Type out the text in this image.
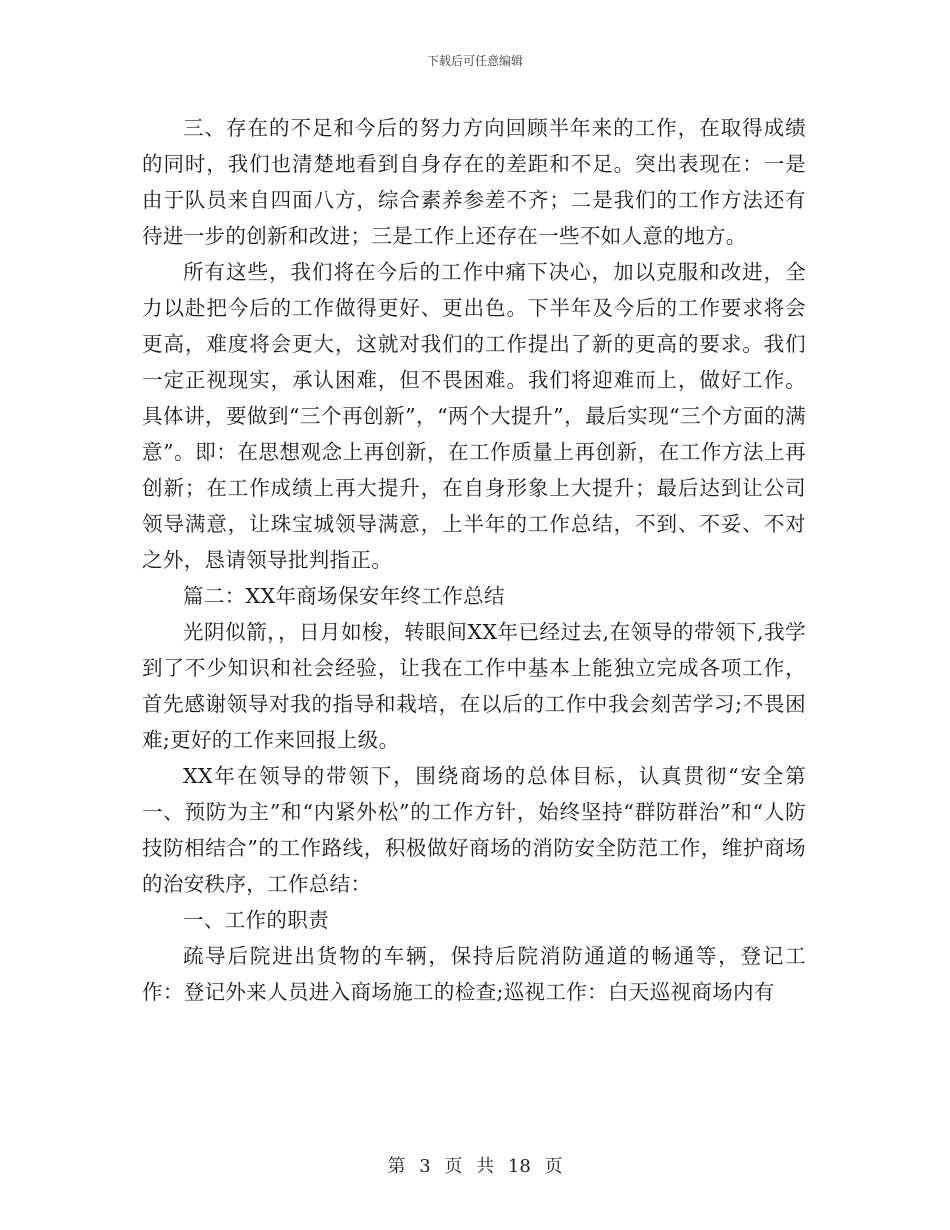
下载后可任意编辑

三、存在的不足和今后的努力方向回顾半年来的工作，在取得成绩的同时，我们也清楚地看到自身存在的差距和不足。突出表现在：一是由于队员来自四面八方，综合素养参差不齐；二是我们的工作方法还有待进一步的创新和改进；三是工作上还存在一些不如人意的地方。

所有这些，我们将在今后的工作中痛下决心，加以克服和改进，全力以赴把今后的工作做得更好、更出色。下半年及今后的工作要求将会更高，难度将会更大，这就对我们的工作提出了新的更高的要求。我们一定正视现实，承认困难，但不畏困难。我们将迎难而上，做好工作。具体讲，要做到“三个再创新”，“两个大提升”，最后实现“三个方面的满意”。即：在思想观念上再创新，在工作质量上再创新，在工作方法上再创新；在工作成绩上再大提升，在自身形象上大提升；最后达到让公司领导满意，让珠宝城领导满意，上半年的工作总结，不到、不妥、不对之外，恳请领导批判指正。

篇二：XX年商场保安年终工作总结

光阴似箭，，日月如梭，转眼间XX年已经过去,在领导的带领下,我学到了不少知识和社会经验，让我在工作中基本上能独立完成各项工作，首先感谢领导对我的指导和栽培，在以后的工作中我会刻苦学习;不畏困难;更好的工作来回报上级。

XX年在领导的带领下，围绕商场的总体目标，认真贯彻“安全第一、预防为主”和“内紧外松”的工作方针，始终坚持“群防群治”和“人防技防相结合”的工作路线，积极做好商场的消防安全防范工作，维护商场的治安秩序，工作总结：

一、工作的职责

疏导后院进出货物的车辆，保持后院消防通道的畅通等，登记工作：登记外来人员进入商场施工的检查;巡视工作：白天巡视商场内有

第 3 页 共 18 页
